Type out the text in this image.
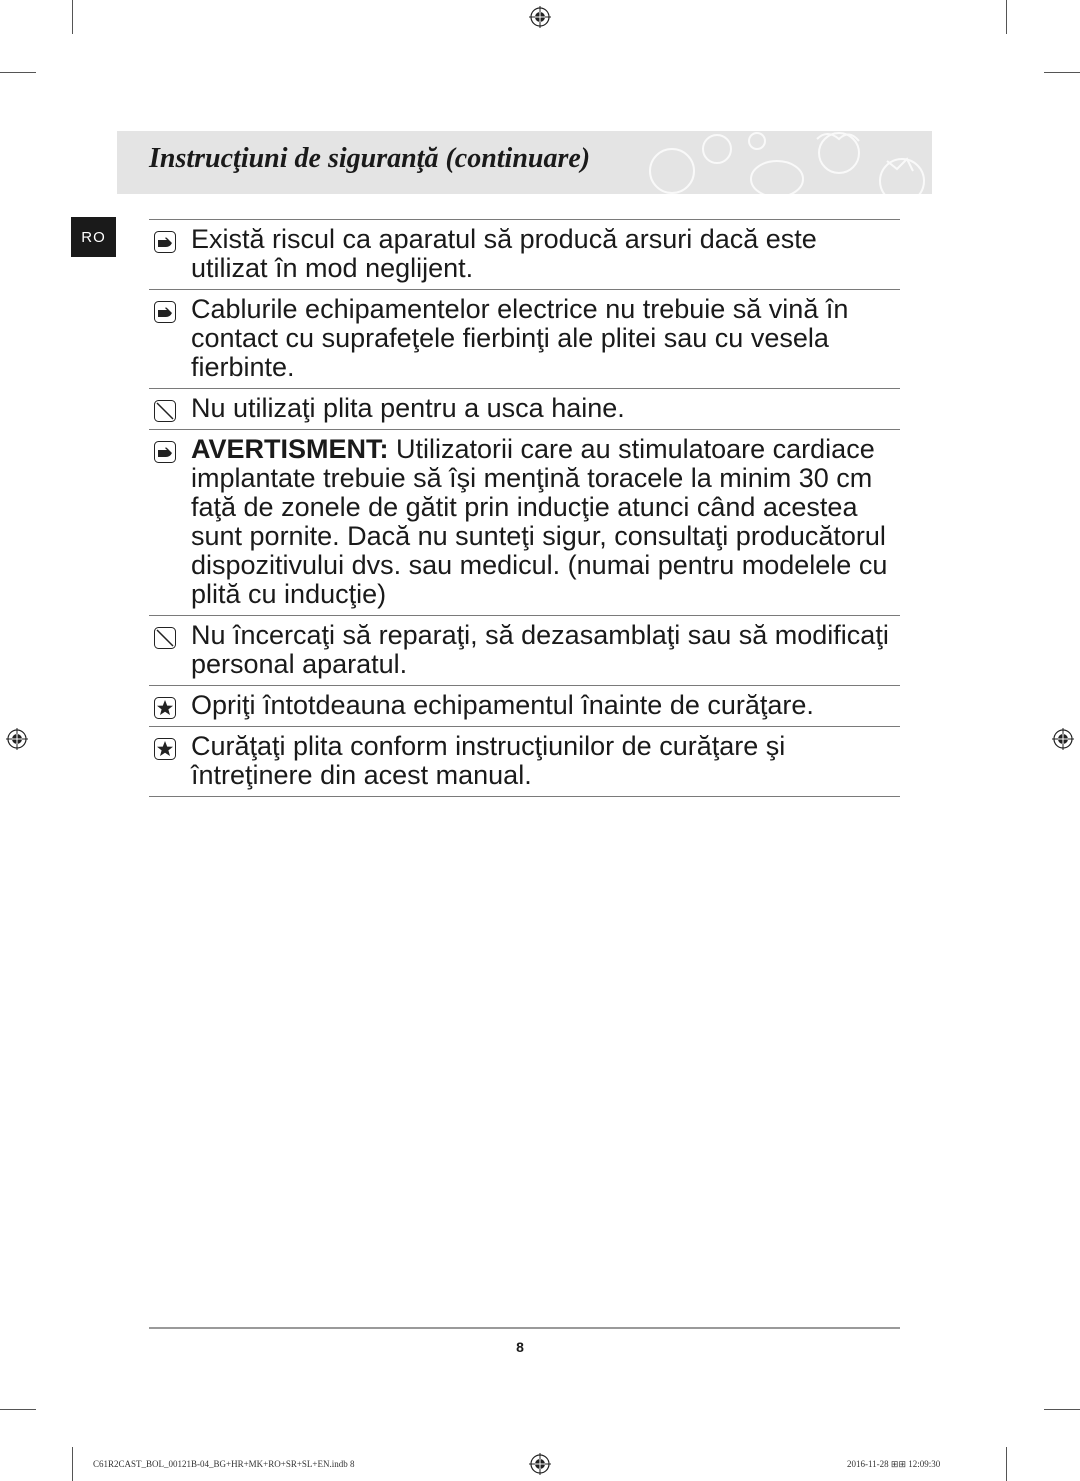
Instrucţiuni de siguranţă (continuare)
RO	Există riscul ca aparatul să producă arsuri dacă este utilizat în mod neglijent.
Cablurile echipamentelor electrice nu trebuie să vină în contact cu suprafeţele fierbinţi ale plitei sau cu vesela fierbinte.
Nu utilizaţi plita pentru a usca haine.
AVERTISMENT: Utilizatorii care au stimulatoare cardiace implantate trebuie să îşi menţină toracele la minim 30 cm faţă de zonele de gătit prin inducţie atunci când acestea sunt pornite. Dacă nu sunteţi sigur, consultaţi producătorul dispozitivului dvs. sau medicul. (numai pentru modelele cu plită cu inducţie)
Nu încercaţi să reparaţi, să dezasamblaţi sau să modificaţi personal aparatul.
Opriţi întotdeauna echipamentul înainte de curăţare.
Curăţaţi plita conform instrucţiunilor de curăţare şi întreţinere din acest manual.
8
C61R2CAST_BOL_00121B-04_BG+HR+MK+RO+SR+SL+EN.indb 8	2016-11-28 ⊞⊞ 12:09:30
